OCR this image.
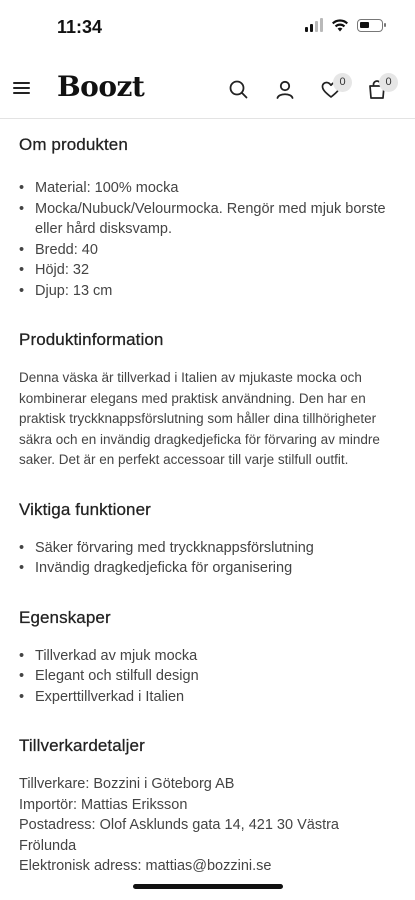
11:34
Boozt	0	0
Om produkten
• Material: 100% mocka
• Mocka/Nubuck/Velourmocka. Rengör med mjuk borste eller hård disksvamp.
• Bredd: 40
• Höjd: 32
• Djup: 13 cm
Produktinformation

Denna väska är tillverkad i Italien av mjukaste mocka och kombinerar elegans med praktisk användning. Den har en praktisk tryckknappsförslutning som håller dina tillhörigheter säkra och en invändig dragkedjeficka för förvaring av mindre saker. Det är en perfekt accessoar till varje stilfull outfit.

Viktiga funktioner
• Säker förvaring med tryckknappsförslutning
• Invändig dragkedjeficka för organisering
Egenskaper
• Tillverkad av mjuk mocka
• Elegant och stilfull design
• Experttillverkad i Italien
Tillverkardetaljer
Tillverkare: Bozzini i Göteborg AB
Importör: Mattias Eriksson
Postadress: Olof Asklunds gata 14, 421 30 Västra Frölunda
Elektronisk adress: mattias@bozzini.se
